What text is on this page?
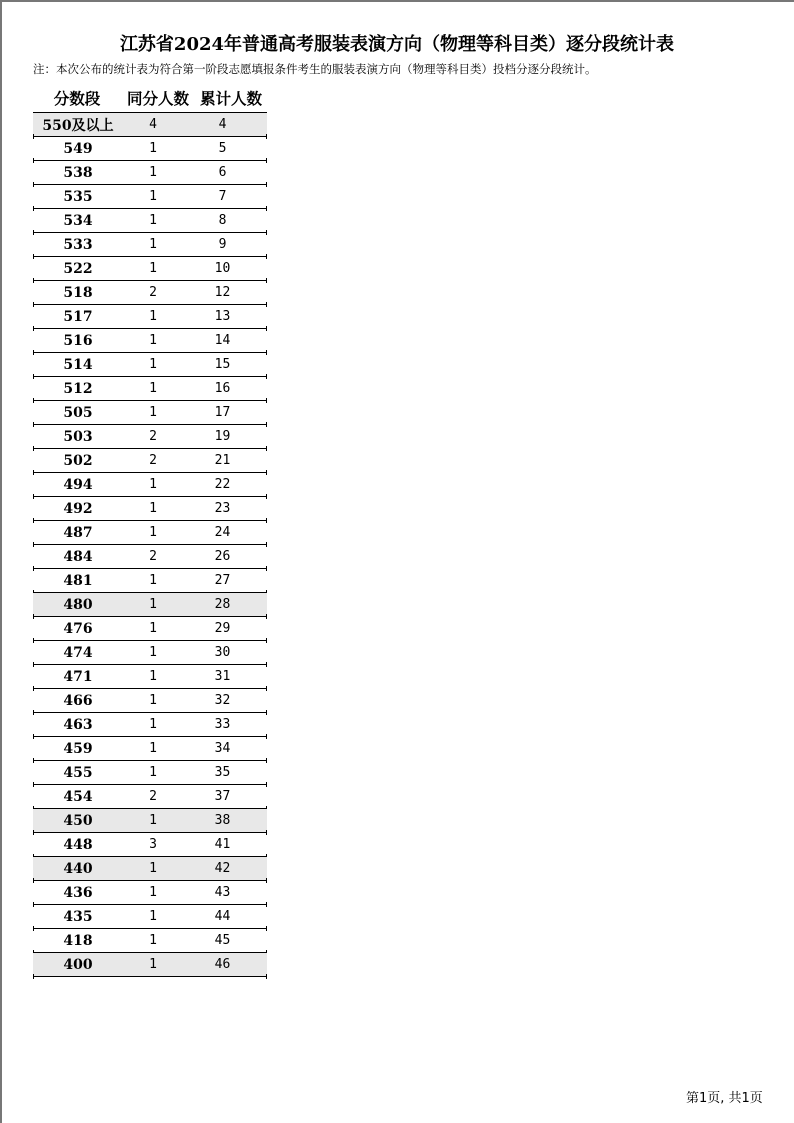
江苏省2024年普通高考服装表演方向（物理等科目类）逐分段统计表
注：本次公布的统计表为符合第一阶段志愿填报条件考生的服装表演方向（物理等科目类）投档分逐分段统计。
分数段	同分人数 累计人数
550及以上	4	4
549	1	5
538	1	6
535	1	7
534	1	8
533	1	9
522	1	10
518	2	12
517	1	13
516	1	14
514	1	15
512	1	16
505	1	17
503	2	19
502	2	21
494	1	22
492	1	23
487	1	24
484	2	26
481	1	27
480	1	28
476	1	29
474	1	30
471	1	31
466	1	32
463	1	33
459	1	34
455	1	35
454	2	37
450	1	38
448	3	41
440	1	42
436	1	43
435	1	44
418	1	45
400	1	46
第1页, 共1页
